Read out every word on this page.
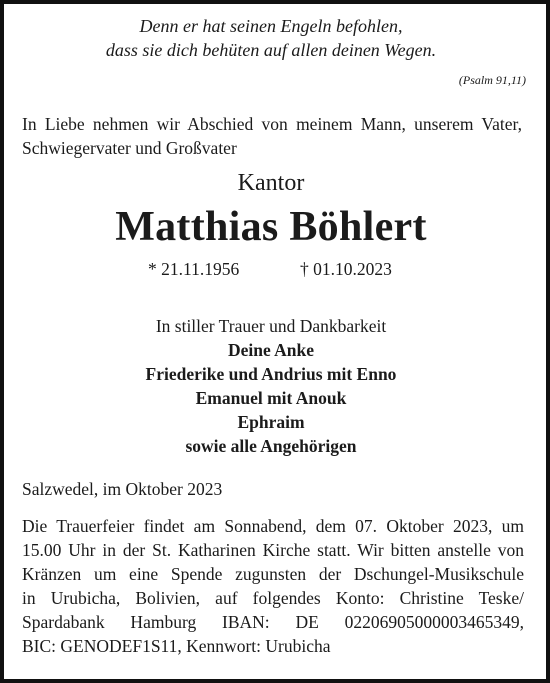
Denn er hat seinen Engeln befohlen,
dass sie dich behüten auf allen deinen Wegen.
(Psalm 91,11)
In Liebe nehmen wir Abschied von meinem Mann, unserem Vater, Schwiegervater und Großvater
Kantor
Matthias Böhlert
* 21.11.1956	† 01.10.2023
In stiller Trauer und Dankbarkeit
Deine Anke
Friederike und Andrius mit Enno
Emanuel mit Anouk
Ephraim
sowie alle Angehörigen
Salzwedel, im Oktober 2023
Die Trauerfeier findet am Sonnabend, dem 07. Oktober 2023, um
15.00 Uhr in der St. Katharinen Kirche statt. Wir bitten anstelle von
Kränzen um eine Spende zugunsten der Dschungel-Musikschule
in Urubicha, Bolivien, auf folgendes Konto: Christine Teske/
Spardabank Hamburg IBAN: DE 02206905000003465349,
BIC: GENODEF1S11, Kennwort: Urubicha
